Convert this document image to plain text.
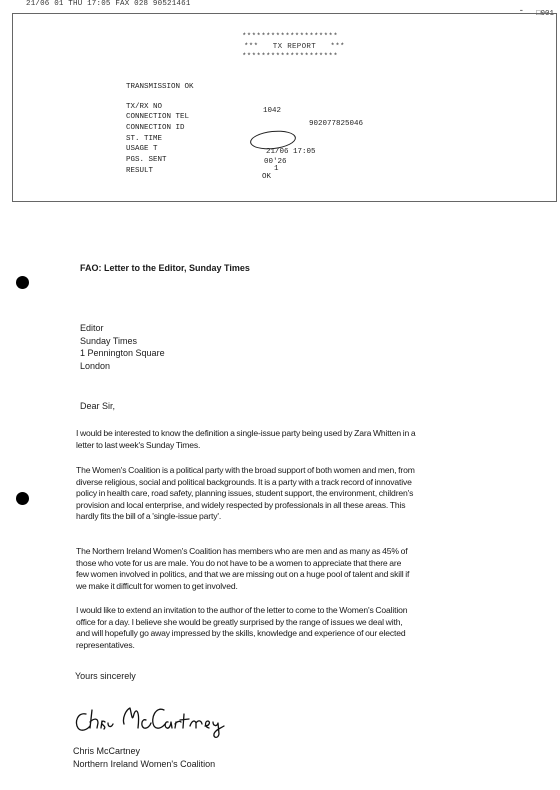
21/06 01 THU 17:05 FAX 028 90521461
- □001
********************
***   TX REPORT   ***
********************
TRANSMISSION OK
TX/RX NO	1042
CONNECTION TEL
902077825046
CONNECTION ID
ST. TIME
21/06 17:05
USAGE T
00'26
PGS. SENT
1
RESULT
OK
FAO: Letter to the Editor, Sunday Times
Editor
Sunday Times
1 Pennington Square
London
Dear Sir,
I would be interested to know the definition a single-issue party being used by Zara Whitten in a
letter to last week's Sunday Times.
The Women's Coalition is a political party with the broad support of both women and men, from
diverse religious, social and political backgrounds. It is a party with a track record of innovative
policy in health care, road safety, planning issues, student support, the environment, children's
provision and local enterprise, and widely respected by professionals in all these areas. This
hardly fits the bill of a 'single-issue party'.
The Northern Ireland Women's Coalition has members who are men and as many as 45% of
those who vote for us are male. You do not have to be a women to appreciate that there are
few women involved in politics, and that we are missing out on a huge pool of talent and skill if
we make it difficult for women to get involved.
I would like to extend an invitation to the author of the letter to come to the Women's Coalition
office for a day. I believe she would be greatly surprised by the range of issues we deal with,
and will hopefully go away impressed by the skills, knowledge and experience of our elected
representatives.
Yours sincerely
Chris McCartney
Northern Ireland Women's Coalition
